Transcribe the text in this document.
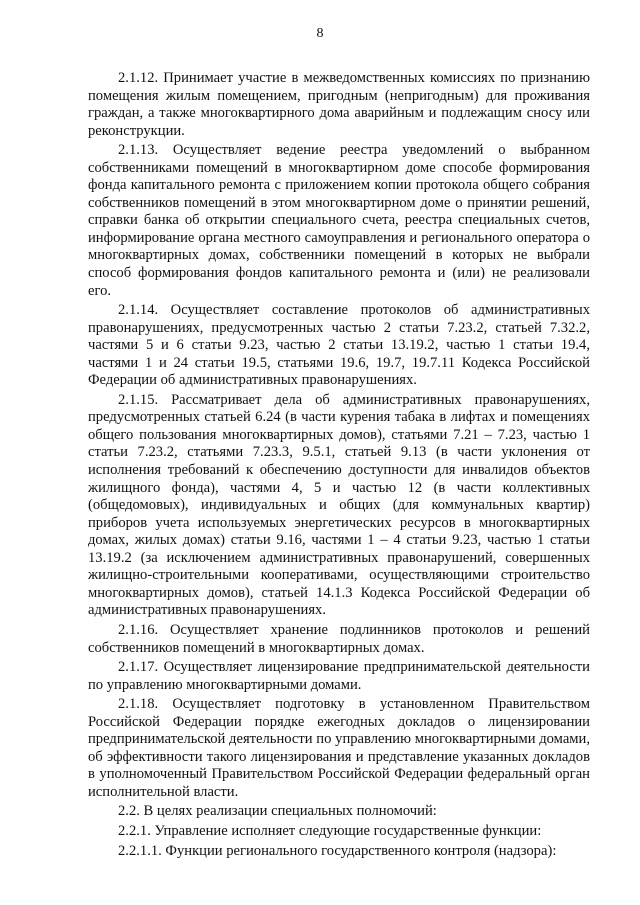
8

2.1.12. Принимает участие в межведомственных комиссиях по признанию помещения жилым помещением, пригодным (непригодным) для проживания граждан, а также многоквартирного дома аварийным и подлежащим сносу или реконструкции.

2.1.13. Осуществляет ведение реестра уведомлений о выбранном собственниками помещений в многоквартирном доме способе формирования фонда капитального ремонта с приложением копии протокола общего собрания собственников помещений в этом многоквартирном доме о принятии решений, справки банка об открытии специального счета, реестра специальных счетов, информирование органа местного самоуправления и регионального оператора о многоквартирных домах, собственники помещений в которых не выбрали способ формирования фондов капитального ремонта и (или) не реализовали его.

2.1.14. Осуществляет составление протоколов об административных правонарушениях, предусмотренных частью 2 статьи 7.23.2, статьей 7.32.2, частями 5 и 6 статьи 9.23, частью 2 статьи 13.19.2, частью 1 статьи 19.4, частями 1 и 24 статьи 19.5, статьями 19.6, 19.7, 19.7.11 Кодекса Российской Федерации об административных правонарушениях.

2.1.15. Рассматривает дела об административных правонарушениях, предусмотренных статьей 6.24 (в части курения табака в лифтах и помещениях общего пользования многоквартирных домов), статьями 7.21 – 7.23, частью 1 статьи 7.23.2, статьями 7.23.3, 9.5.1, статьей 9.13 (в части уклонения от исполнения требований к обеспечению доступности для инвалидов объектов жилищного фонда), частями 4, 5 и частью 12 (в части коллективных (общедомовых), индивидуальных и общих (для коммунальных квартир) приборов учета используемых энергетических ресурсов в многоквартирных домах, жилых домах) статьи 9.16, частями 1 – 4 статьи 9.23, частью 1 статьи 13.19.2 (за исключением административных правонарушений, совершенных жилищно-строительными кооперативами, осуществляющими строительство многоквартирных домов), статьей 14.1.3 Кодекса Российской Федерации об административных правонарушениях.

2.1.16. Осуществляет хранение подлинников протоколов и решений собственников помещений в многоквартирных домах.

2.1.17. Осуществляет лицензирование предпринимательской деятельности по управлению многоквартирными домами.

2.1.18. Осуществляет подготовку в установленном Правительством Российской Федерации порядке ежегодных докладов о лицензировании предпринимательской деятельности по управлению многоквартирными домами, об эффективности такого лицензирования и представление указанных докладов в уполномоченный Правительством Российской Федерации федеральный орган исполнительной власти.

2.2. В целях реализации специальных полномочий:

2.2.1. Управление исполняет следующие государственные функции:

2.2.1.1. Функции регионального государственного контроля (надзора):
